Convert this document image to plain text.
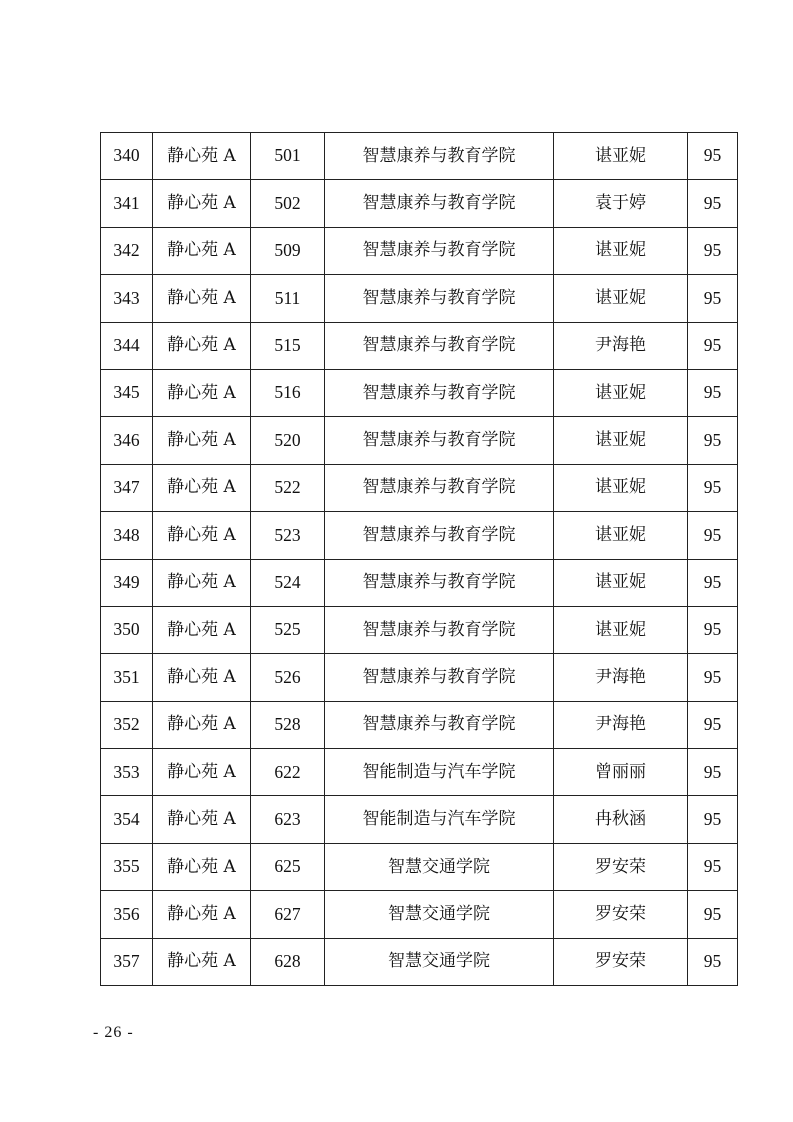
340	静心苑 A	501	智慧康养与教育学院	谌亚妮	95
341	静心苑 A	502	智慧康养与教育学院	袁于婷	95
342	静心苑 A	509	智慧康养与教育学院	谌亚妮	95
343	静心苑 A	511	智慧康养与教育学院	谌亚妮	95
344	静心苑 A	515	智慧康养与教育学院	尹海艳	95
345	静心苑 A	516	智慧康养与教育学院	谌亚妮	95
346	静心苑 A	520	智慧康养与教育学院	谌亚妮	95
347	静心苑 A	522	智慧康养与教育学院	谌亚妮	95
348	静心苑 A	523	智慧康养与教育学院	谌亚妮	95
349	静心苑 A	524	智慧康养与教育学院	谌亚妮	95
350	静心苑 A	525	智慧康养与教育学院	谌亚妮	95
351	静心苑 A	526	智慧康养与教育学院	尹海艳	95
352	静心苑 A	528	智慧康养与教育学院	尹海艳	95
353	静心苑 A	622	智能制造与汽车学院	曾丽丽	95
354	静心苑 A	623	智能制造与汽车学院	冉秋涵	95
355	静心苑 A	625	智慧交通学院	罗安荣	95
356	静心苑 A	627	智慧交通学院	罗安荣	95
357	静心苑 A	628	智慧交通学院	罗安荣	95
- 26 -
